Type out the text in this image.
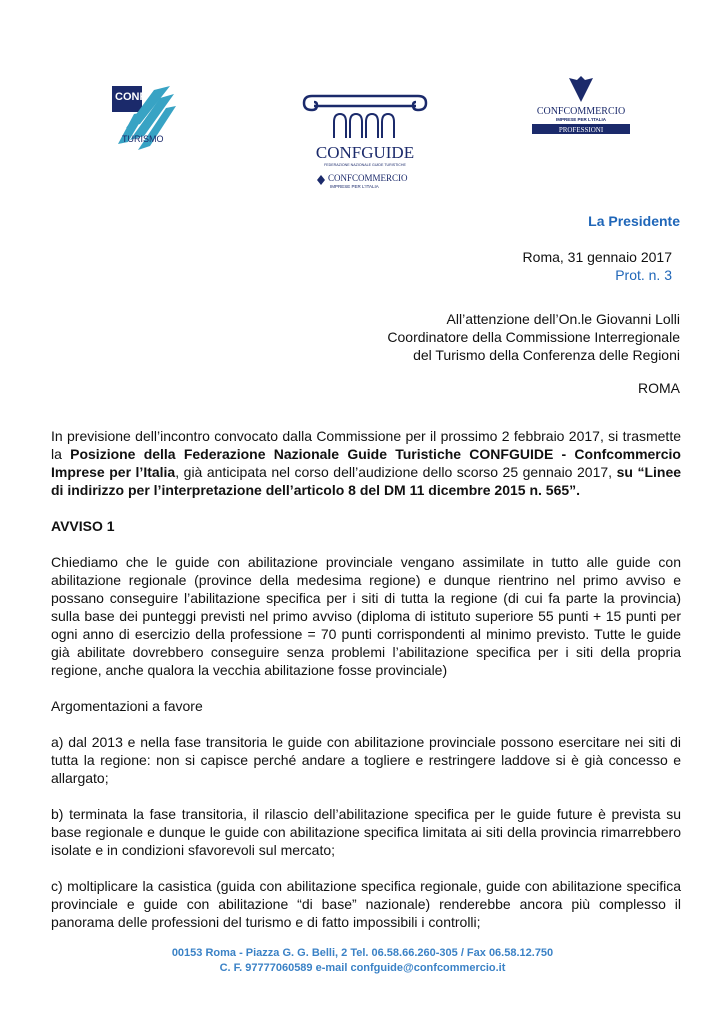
CONF
TURISMO
CONFGUIDE
FEDERAZIONE NAZIONALE GUIDE TURISTICHE
CONFCOMMERCIO
IMPRESE PER L'ITALIA
CONFCOMMERCIO
IMPRESE PER L'ITALIA
PROFESSIONI
La Presidente
Roma, 31 gennaio 2017
Prot. n. 3
All’attenzione dell’On.le Giovanni Lolli
Coordinatore della Commissione Interregionale
del Turismo della Conferenza delle Regioni
ROMA

In previsione dell’incontro convocato dalla Commissione per il prossimo 2 febbraio 2017, si trasmette la Posizione della Federazione Nazionale Guide Turistiche CONFGUIDE - Confcommercio Imprese per l’Italia, già anticipata nel corso dell’audizione dello scorso 25 gennaio 2017, su “Linee di indirizzo per l’interpretazione dell’articolo 8 del DM 11 dicembre 2015 n. 565”.

AVVISO 1

Chiediamo che le guide con abilitazione provinciale vengano assimilate in tutto alle guide con abilitazione regionale (province della medesima regione) e dunque rientrino nel primo avviso e possano conseguire l’abilitazione specifica per i siti di tutta la regione (di cui fa parte la provincia) sulla base dei punteggi previsti nel primo avviso (diploma di istituto superiore 55 punti + 15 punti per ogni anno di esercizio della professione = 70 punti corrispondenti al minimo previsto. Tutte le guide già abilitate dovrebbero conseguire senza problemi l’abilitazione specifica per i siti della propria regione, anche qualora la vecchia abilitazione fosse provinciale)

Argomentazioni a favore

a) dal 2013 e nella fase transitoria le guide con abilitazione provinciale possono esercitare nei siti di tutta la regione: non si capisce perché andare a togliere e restringere laddove si è già concesso e allargato;

b) terminata la fase transitoria, il rilascio dell’abilitazione specifica per le guide future è prevista su base regionale e dunque le guide con abilitazione specifica limitata ai siti della provincia rimarrebbero isolate e in condizioni sfavorevoli sul mercato;

c) moltiplicare la casistica (guida con abilitazione specifica regionale, guide con abilitazione specifica provinciale e guide con abilitazione “di base” nazionale) renderebbe ancora più complesso il panorama delle professioni del turismo e di fatto impossibili i controlli;

00153 Roma - Piazza G. G. Belli, 2 Tel. 06.58.66.260-305 / Fax 06.58.12.750
C. F. 97777060589 e-mail confguide@confcommercio.it
